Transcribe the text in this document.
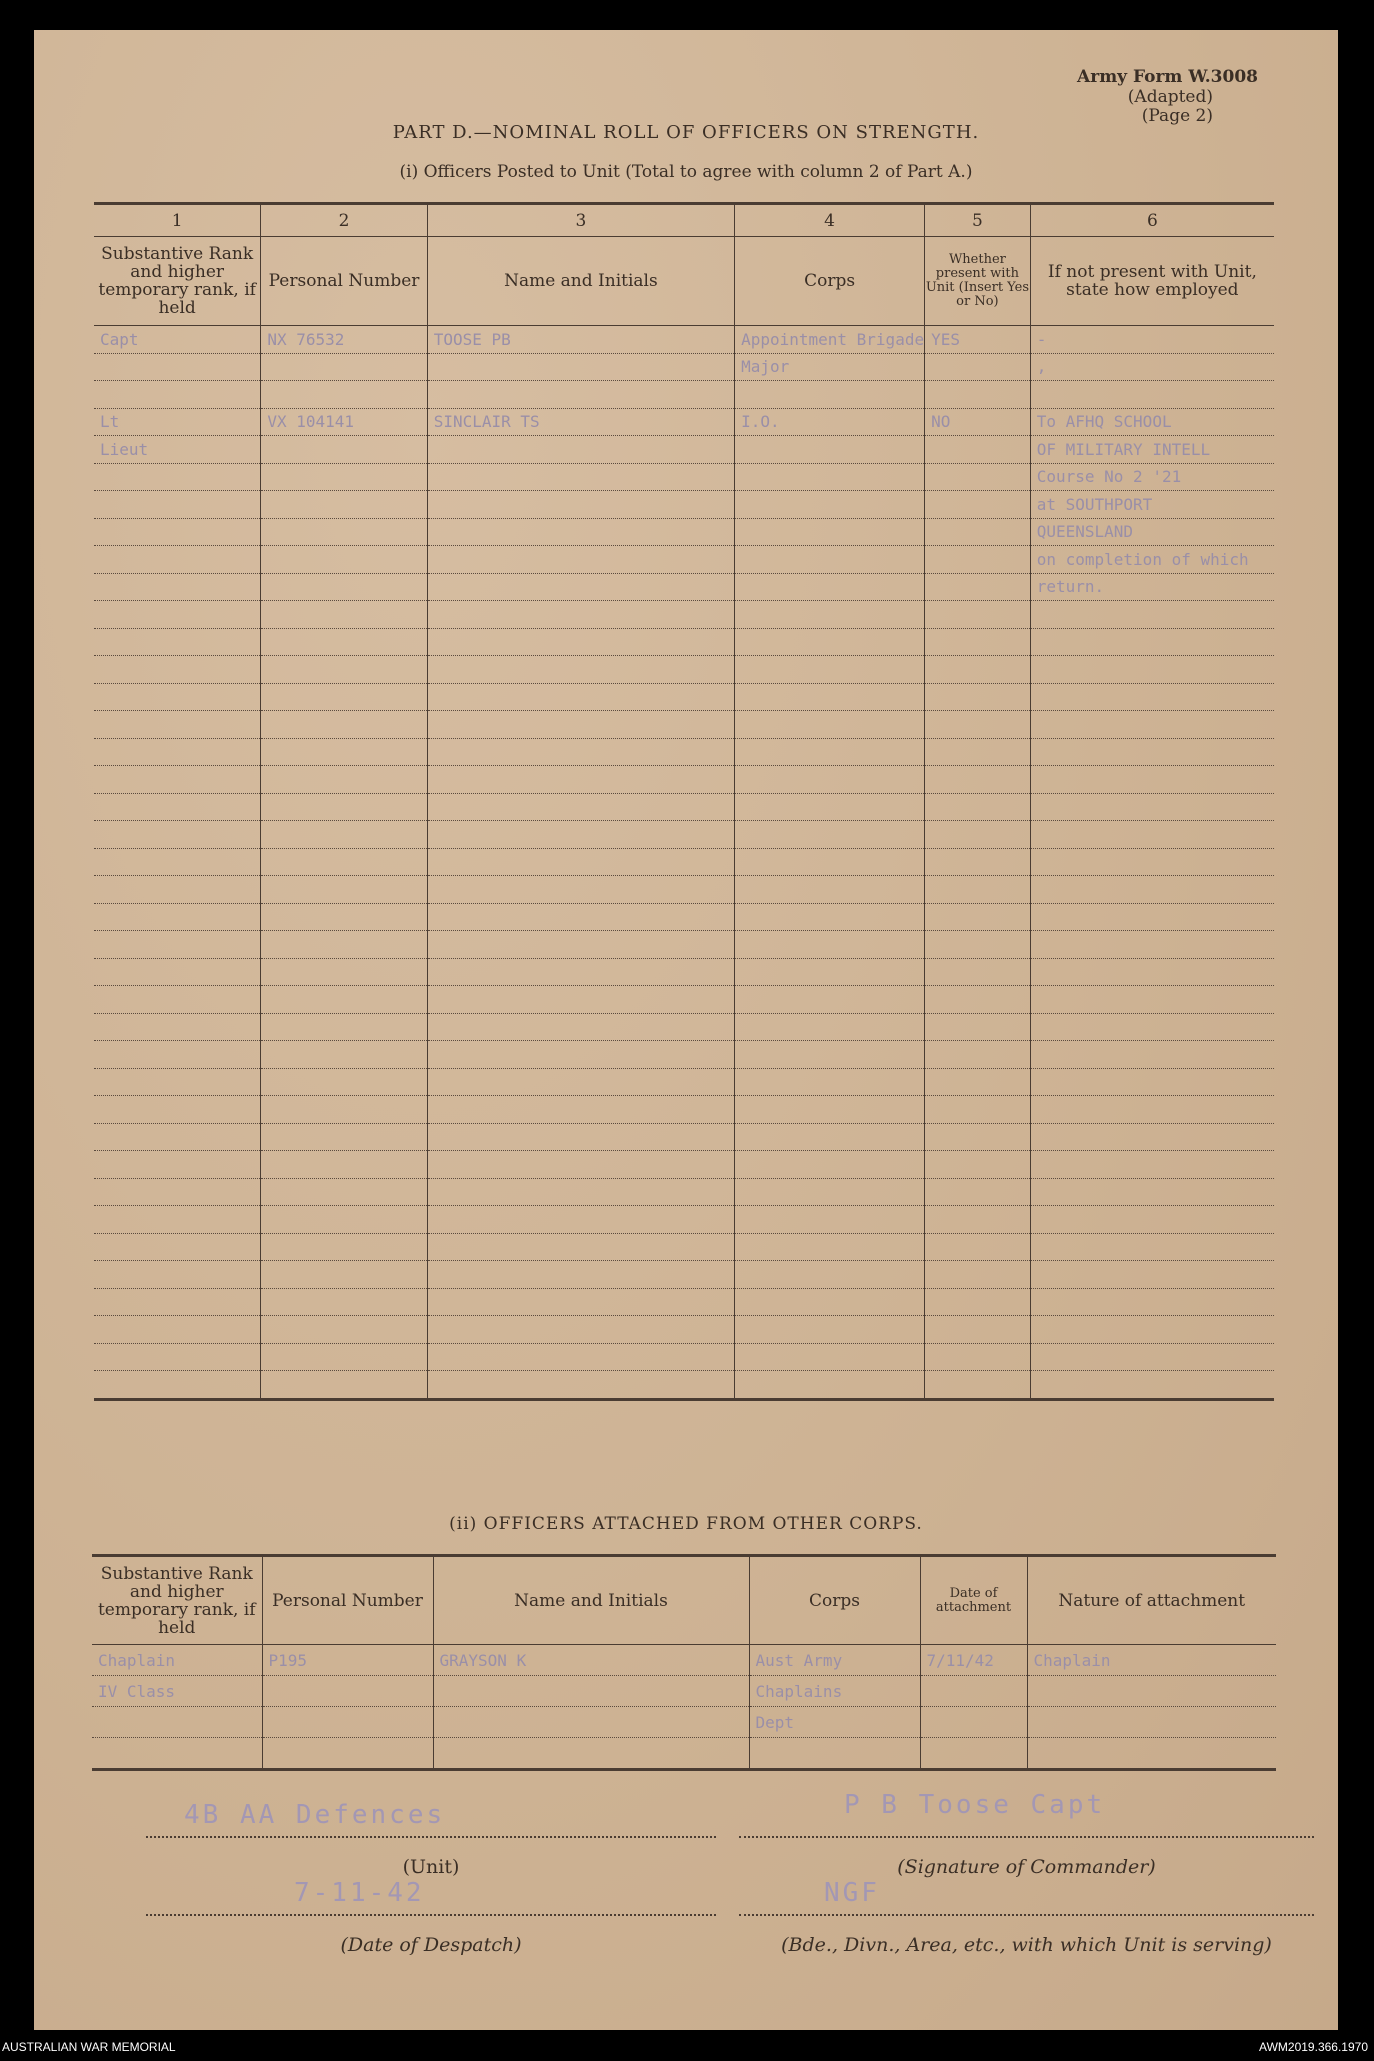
Army Form W.3008
(Adapted)
(Page 2)
PART D.—NOMINAL ROLL OF OFFICERS ON STRENGTH.
(i) Officers Posted to Unit (Total to agree with column 2 of Part A.)
1	2	3	4	5	6
Substantive Rank and higher temporary rank, if held	Personal Number	Name and Initials	Corps	Whether present with Unit (Insert Yes or No)	If not present with Unit, state how employed
Capt	NX 76532	TOOSE PB	Appointment Brigade	YES	-
			Major		,

Lt	VX 104141	SINCLAIR TS	I.O.	NO	To AFHQ SCHOOL
Lieut					OF MILITARY INTELL
					Course No 2 '21
					at SOUTHPORT
					QUEENSLAND
					on completion of which
					return.

(ii) OFFICERS ATTACHED FROM OTHER CORPS.
Substantive Rank and higher temporary rank, if held	Personal Number	Name and Initials	Corps	Date of attachment	Nature of attachment
Chaplain	P195	GRAYSON K	Aust Army	7/11/42	Chaplain
IV Class			Chaplains		
			Dept		

4B AA Defences
(Unit)
7-11-42
(Date of Despatch)
P B Toose Capt
(Signature of Commander)
NGF
(Bde., Divn., Area, etc., with which Unit is serving)
AUSTRALIAN WAR MEMORIAL	AWM2019.366.1970
